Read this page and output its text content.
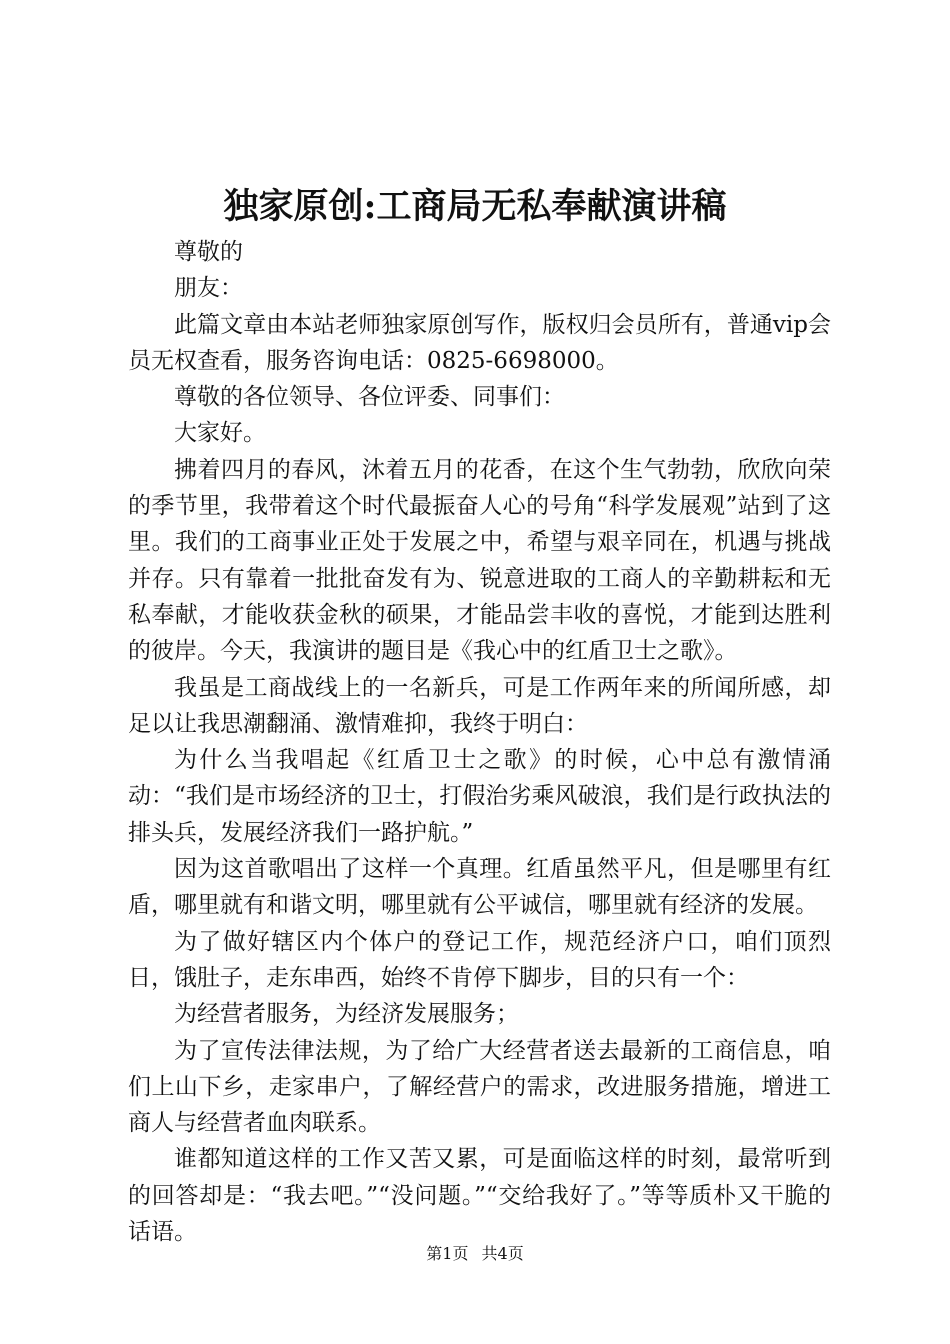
独家原创:工商局无私奉献演讲稿

尊敬的

朋友：

此篇文章由本站老师独家原创写作，版权归会员所有，普通vip会员无权查看，服务咨询电话：0825-6698000。

尊敬的各位领导、各位评委、同事们：

大家好。

拂着四月的春风，沐着五月的花香，在这个生气勃勃，欣欣向荣的季节里，我带着这个时代最振奋人心的号角“科学发展观”站到了这里。我们的工商事业正处于发展之中，希望与艰辛同在，机遇与挑战并存。只有靠着一批批奋发有为、锐意进取的工商人的辛勤耕耘和无私奉献，才能收获金秋的硕果，才能品尝丰收的喜悦，才能到达胜利的彼岸。今天，我演讲的题目是《我心中的红盾卫士之歌》。

我虽是工商战线上的一名新兵，可是工作两年来的所闻所感，却足以让我思潮翻涌、激情难抑，我终于明白：

为什么当我唱起《红盾卫士之歌》的时候，心中总有激情涌动：“我们是市场经济的卫士，打假治劣乘风破浪，我们是行政执法的排头兵，发展经济我们一路护航。”

因为这首歌唱出了这样一个真理。红盾虽然平凡，但是哪里有红盾，哪里就有和谐文明，哪里就有公平诚信，哪里就有经济的发展。

为了做好辖区内个体户的登记工作，规范经济户口，咱们顶烈日，饿肚子，走东串西，始终不肯停下脚步，目的只有一个：

为经营者服务，为经济发展服务；

为了宣传法律法规，为了给广大经营者送去最新的工商信息，咱们上山下乡，走家串户，了解经营户的需求，改进服务措施，增进工商人与经营者血肉联系。

谁都知道这样的工作又苦又累，可是面临这样的时刻，最常听到的回答却是：“我去吧。”“没问题。”“交给我好了。”等等质朴又干脆的话语。

第1页 共4页
